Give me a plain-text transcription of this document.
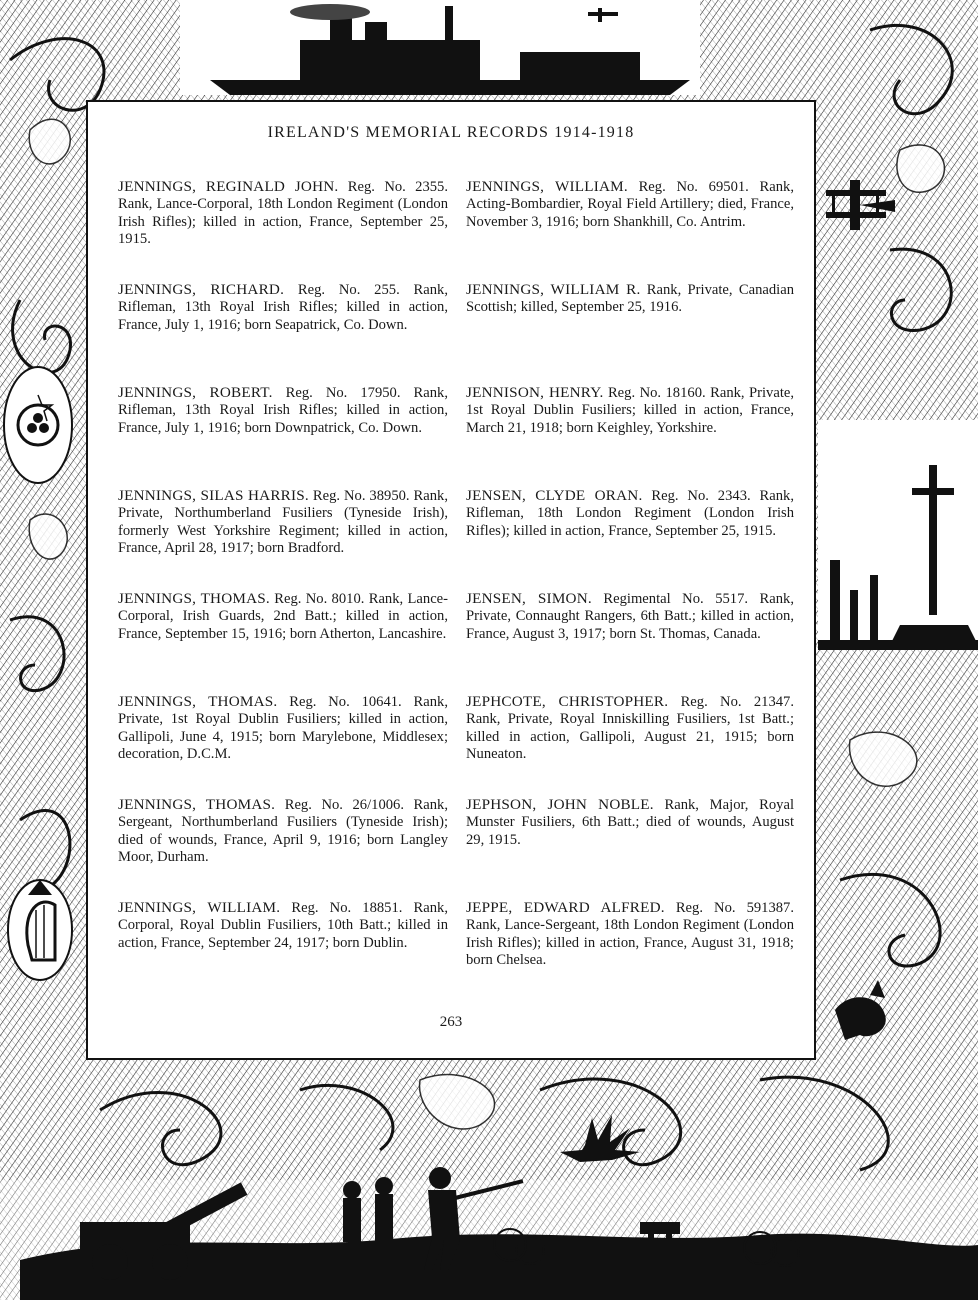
IRELAND'S MEMORIAL RECORDS 1914-1918
JENNINGS, REGINALD JOHN. Reg. No. 2355. Rank, Lance-Corporal, 18th London Regiment (London Irish Rifles); killed in action, France, September 25, 1915.
JENNINGS, RICHARD. Reg. No. 255. Rank, Rifleman, 13th Royal Irish Rifles; killed in action, France, July 1, 1916; born Seapatrick, Co. Down.
JENNINGS, ROBERT. Reg. No. 17950. Rank, Rifleman, 13th Royal Irish Rifles; killed in action, France, July 1, 1916; born Downpatrick, Co. Down.
JENNINGS, SILAS HARRIS. Reg. No. 38950. Rank, Private, Northumberland Fusiliers (Tyneside Irish), formerly West Yorkshire Regiment; killed in action, France, April 28, 1917; born Bradford.
JENNINGS, THOMAS. Reg. No. 8010. Rank, Lance-Corporal, Irish Guards, 2nd Batt.; killed in action, France, September 15, 1916; born Atherton, Lancashire.
JENNINGS, THOMAS. Reg. No. 10641. Rank, Private, 1st Royal Dublin Fusiliers; killed in action, Gallipoli, June 4, 1915; born Marylebone, Middlesex; decoration, D.C.M.
JENNINGS, THOMAS. Reg. No. 26/1006. Rank, Sergeant, Northumberland Fusiliers (Tyneside Irish); died of wounds, France, April 9, 1916; born Langley Moor, Durham.
JENNINGS, WILLIAM. Reg. No. 18851. Rank, Corporal, Royal Dublin Fusiliers, 10th Batt.; killed in action, France, September 24, 1917; born Dublin.
JENNINGS, WILLIAM. Reg. No. 69501. Rank, Acting-Bombardier, Royal Field Artillery; died, France, November 3, 1916; born Shankhill, Co. Antrim.
JENNINGS, WILLIAM R. Rank, Private, Canadian Scottish; killed, September 25, 1916.
JENNISON, HENRY. Reg. No. 18160. Rank, Private, 1st Royal Dublin Fusiliers; killed in action, France, March 21, 1918; born Keighley, Yorkshire.
JENSEN, CLYDE ORAN. Reg. No. 2343. Rank, Rifleman, 18th London Regiment (London Irish Rifles); killed in action, France, September 25, 1915.
JENSEN, SIMON. Regimental No. 5517. Rank, Private, Connaught Rangers, 6th Batt.; killed in action, France, August 3, 1917; born St. Thomas, Canada.
JEPHCOTE, CHRISTOPHER. Reg. No. 21347. Rank, Private, Royal Inniskilling Fusiliers, 1st Batt.; killed in action, Gallipoli, August 21, 1915; born Nuneaton.
JEPHSON, JOHN NOBLE. Rank, Major, Royal Munster Fusiliers, 6th Batt.; died of wounds, August 29, 1915.
JEPPE, EDWARD ALFRED. Reg. No. 591387. Rank, Lance-Sergeant, 18th London Regiment (London Irish Rifles); killed in action, France, August 31, 1918; born Chelsea.
263
